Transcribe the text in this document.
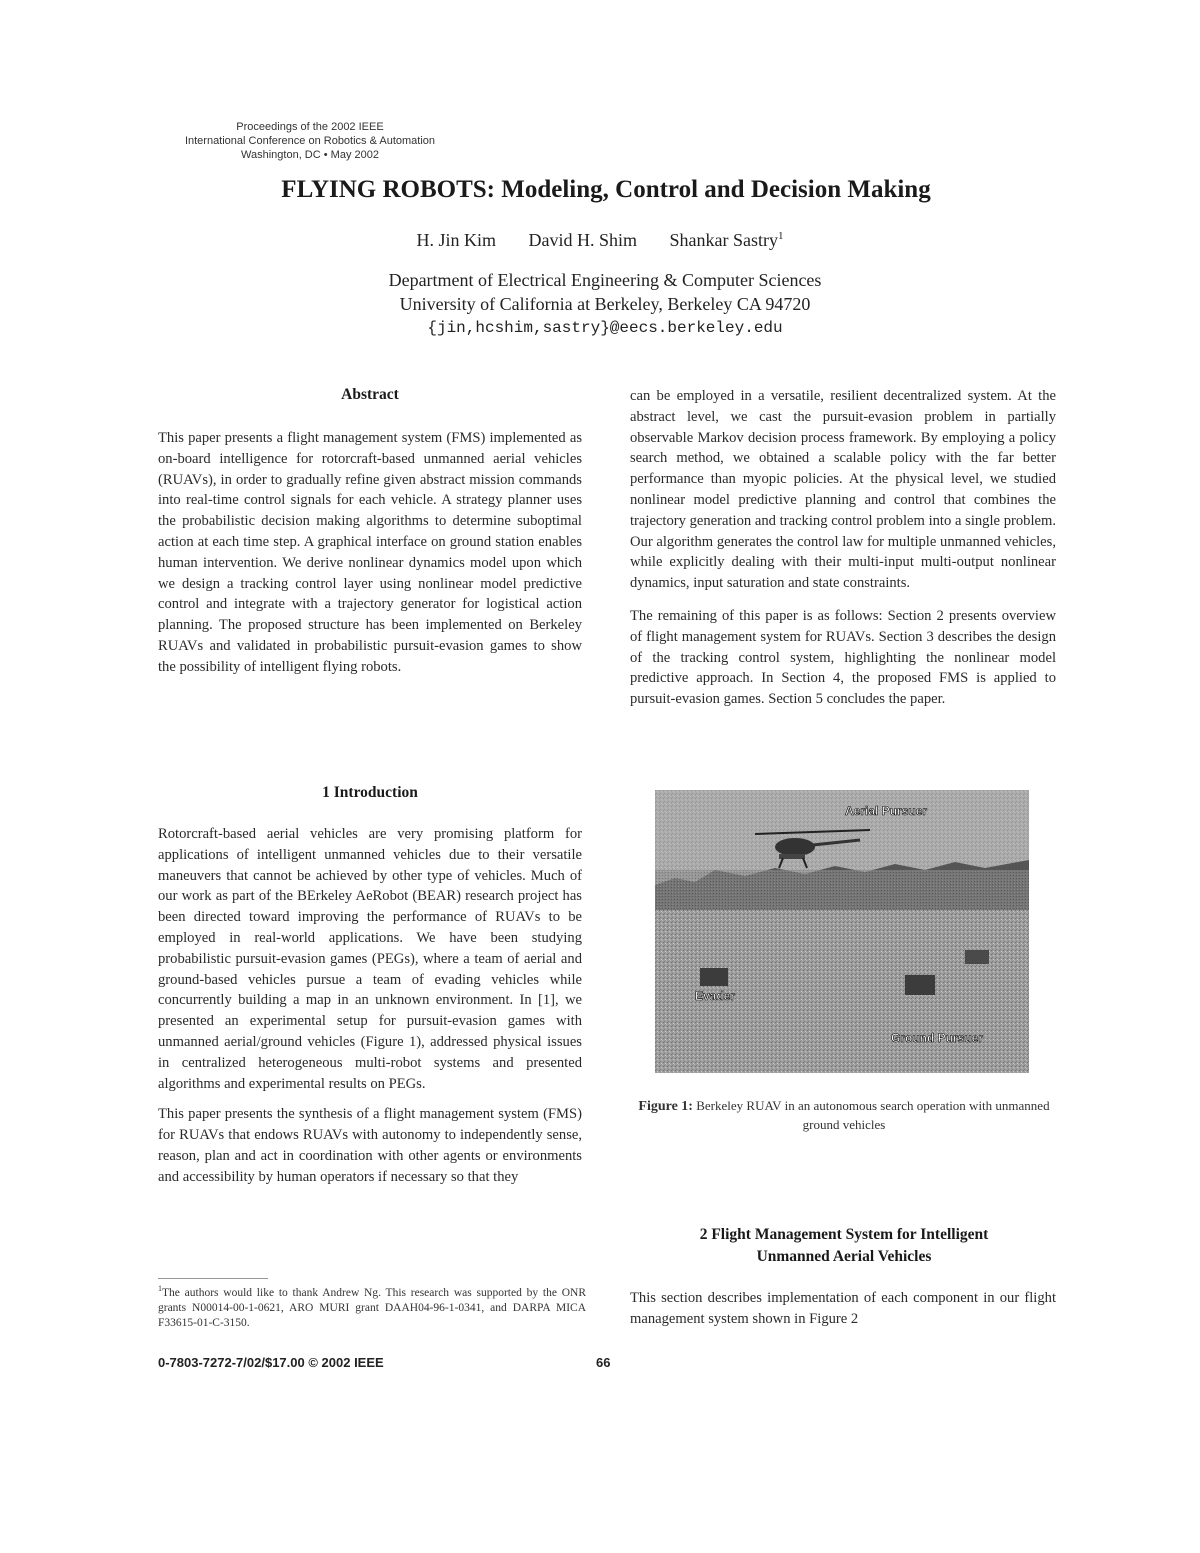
Proceedings of the 2002 IEEE
International Conference on Robotics & Automation
Washington, DC • May 2002
FLYING ROBOTS: Modeling, Control and Decision Making
H. Jin Kim David H. Shim Shankar Sastry$^1$
Department of Electrical Engineering & Computer Sciences
University of California at Berkeley, Berkeley CA 94720
{jin,hcshim,sastry}@eecs.berkeley.edu
Abstract

This paper presents a flight management system (FMS) implemented as on-board intelligence for rotorcraft-based unmanned aerial vehicles (RUAVs), in order to gradually refine given abstract mission commands into real-time control signals for each vehicle. A strategy planner uses the probabilistic decision making algorithms to determine suboptimal action at each time step. A graphical interface on ground station enables human intervention. We derive nonlinear dynamics model upon which we design a tracking control layer using nonlinear model predictive control and integrate with a trajectory generator for logistical action planning. The proposed structure has been implemented on Berkeley RUAVs and validated in probabilistic pursuit-evasion games to show the possibility of intelligent flying robots.

1 Introduction

Rotorcraft-based aerial vehicles are very promising platform for applications of intelligent unmanned vehicles due to their versatile maneuvers that cannot be achieved by other type of vehicles. Much of our work as part of the BErkeley AeRobot (BEAR) research project has been directed toward improving the performance of RUAVs to be employed in real-world applications. We have been studying probabilistic pursuit-evasion games (PEGs), where a team of aerial and ground-based vehicles pursue a team of evading vehicles while concurrently building a map in an unknown environment. In [1], we presented an experimental setup for pursuit-evasion games with unmanned aerial/ground vehicles (Figure 1), addressed physical issues in centralized heterogeneous multi-robot systems and presented algorithms and experimental results on PEGs.

This paper presents the synthesis of a flight management system (FMS) for RUAVs that endows RUAVs with autonomy to independently sense, reason, plan and act in coordination with other agents or environments and accessibility by human operators if necessary so that they

$^1$The authors would like to thank Andrew Ng. This research was supported by the ONR grants N00014-00-1-0621, ARO MURI grant DAAH04-96-1-0341, and DARPA MICA F33615-01-C-3150.

can be employed in a versatile, resilient decentralized system. At the abstract level, we cast the pursuit-evasion problem in partially observable Markov decision process framework. By employing a policy search method, we obtained a scalable policy with the far better performance than myopic policies. At the physical level, we studied nonlinear model predictive planning and control that combines the trajectory generation and tracking control problem into a single problem. Our algorithm generates the control law for multiple unmanned vehicles, while explicitly dealing with their multi-input multi-output nonlinear dynamics, input saturation and state constraints.

The remaining of this paper is as follows: Section 2 presents overview of flight management system for RUAVs. Section 3 describes the design of the tracking control system, highlighting the nonlinear model predictive approach. In Section 4, the proposed FMS is applied to pursuit-evasion games. Section 5 concludes the paper.

Aerial Pursuer
Evader
Ground Pursuer
Figure 1: Berkeley RUAV in an autonomous search operation with unmanned ground vehicles
2 Flight Management System for Intelligent
Unmanned Aerial Vehicles

This section describes implementation of each component in our flight management system shown in Figure 2

0-7803-7272-7/02/$17.00 © 2002 IEEE	66
